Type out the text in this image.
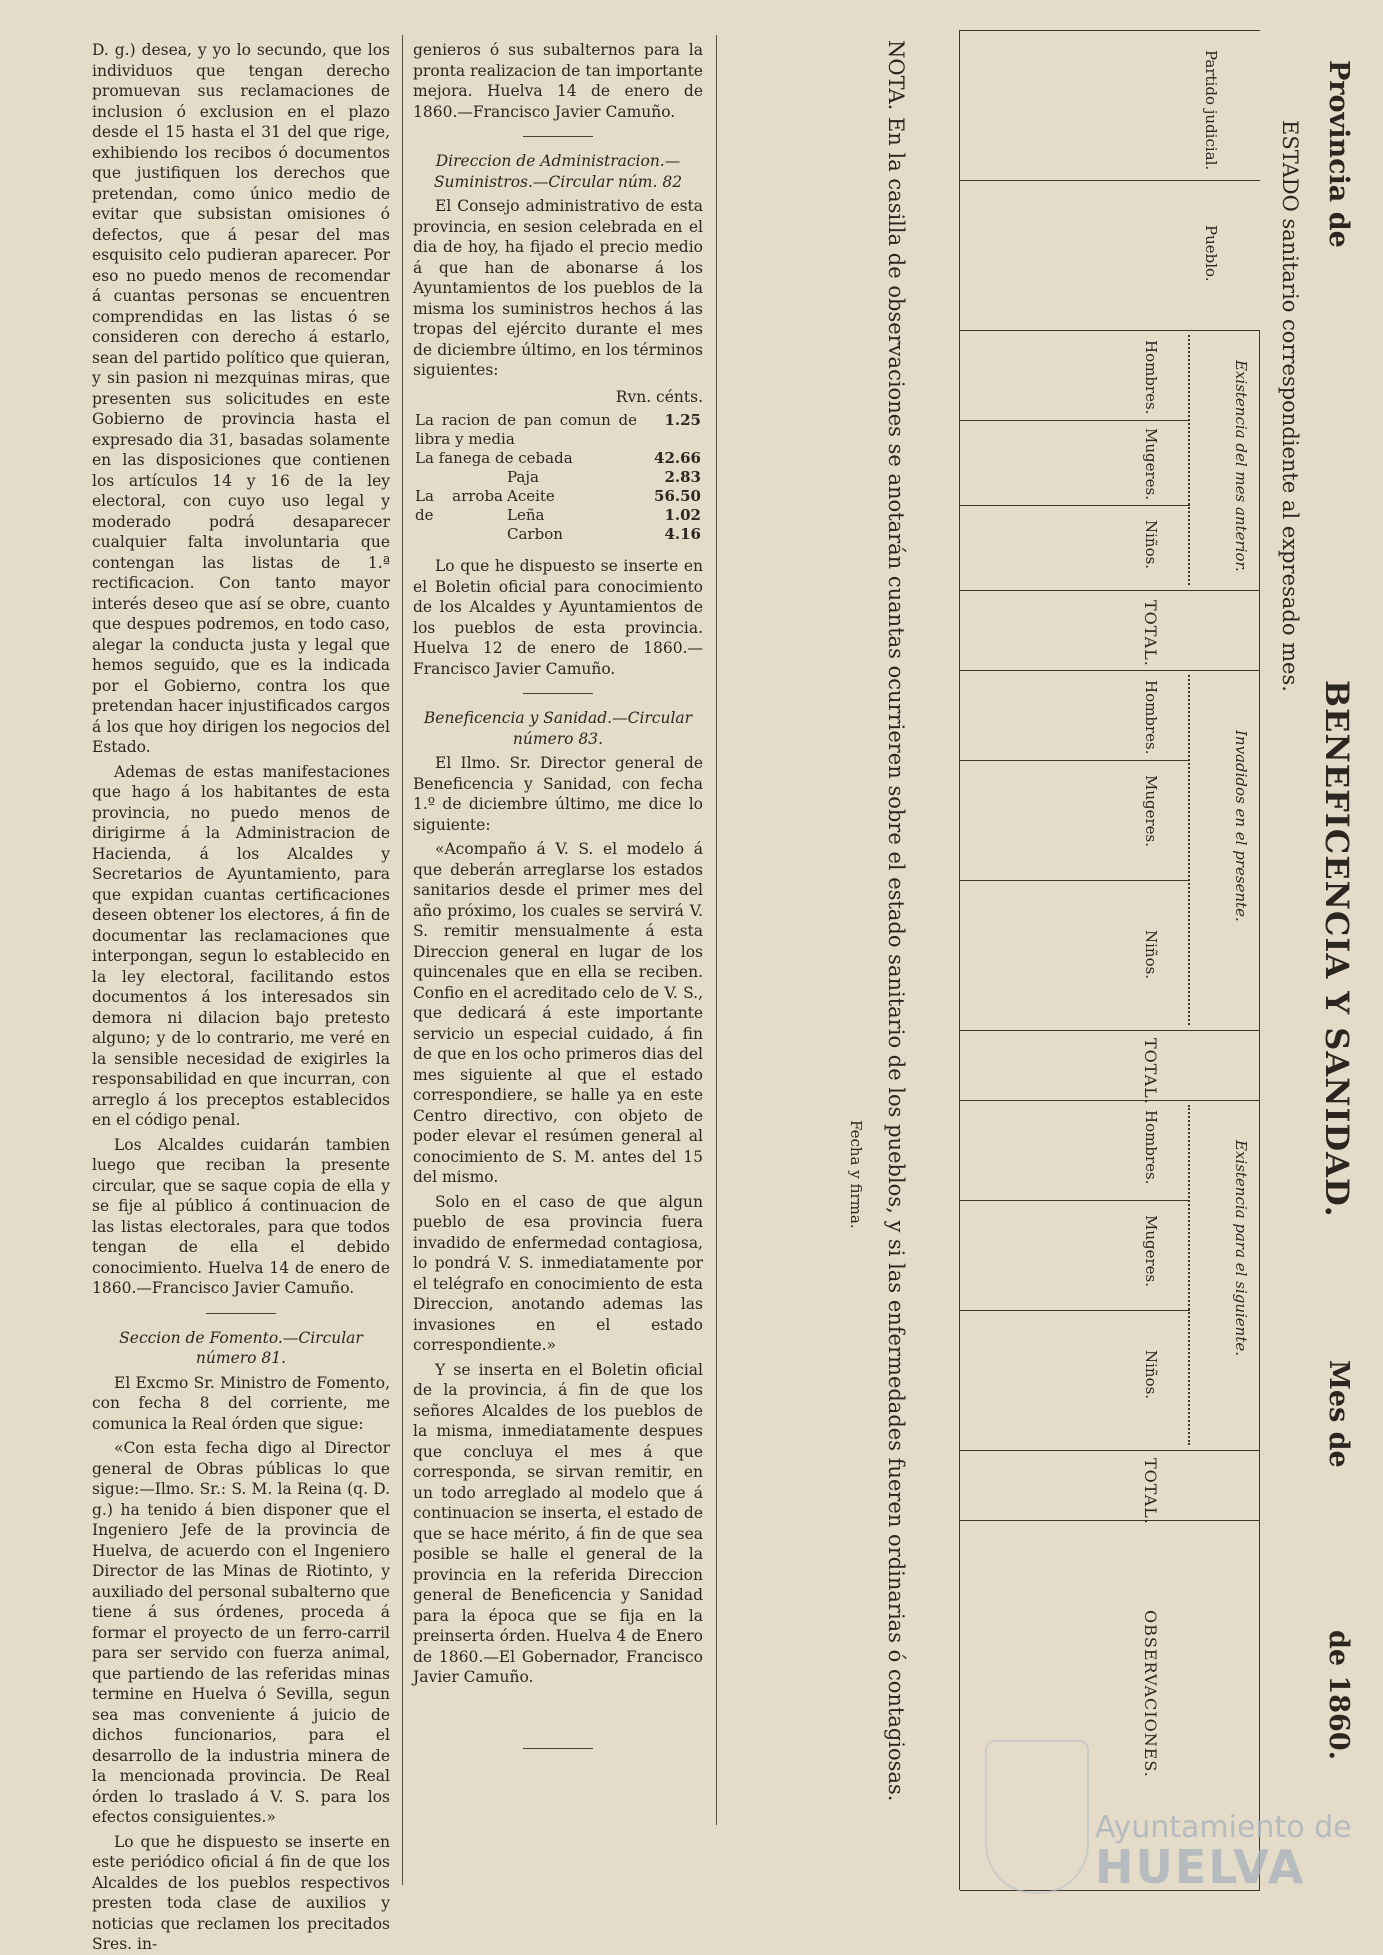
D. g.) desea, y yo lo secundo, que los individuos que tengan derecho promuevan sus reclamaciones de inclusion ó exclusion en el plazo desde el 15 hasta el 31 del que rige, exhibiendo los recibos ó documentos que justifiquen los derechos que pretendan, como único medio de evitar que subsistan omisiones ó defectos, que á pesar del mas esquisito celo pudieran aparecer. Por eso no puedo menos de recomendar á cuantas personas se encuentren comprendidas en las listas ó se consideren con derecho á estarlo, sean del partido político que quieran, y sin pasion ni mezquinas miras, que presenten sus solicitudes en este Gobierno de provincia hasta el expresado dia 31, basadas solamente en las disposiciones que contienen los artículos 14 y 16 de la ley electoral, con cuyo uso legal y moderado podrá desaparecer cualquier falta involuntaria que contengan las listas de 1.ª rectificacion. Con tanto mayor interés deseo que así se obre, cuanto que despues podremos, en todo caso, alegar la conducta justa y legal que hemos seguido, que es la indicada por el Gobierno, contra los que pretendan hacer injustificados cargos á los que hoy dirigen los negocios del Estado.

Ademas de estas manifestaciones que hago á los habitantes de esta provincia, no puedo menos de dirigirme á la Administracion de Hacienda, á los Alcaldes y Secretarios de Ayuntamiento, para que expidan cuantas certificaciones deseen obtener los electores, á fin de documentar las reclamaciones que interpongan, segun lo establecido en la ley electoral, facilitando estos documentos á los interesados sin demora ni dilacion bajo pretesto alguno; y de lo contrario, me veré en la sensible necesidad de exigirles la responsabilidad en que incurran, con arreglo á los preceptos establecidos en el código penal.

Los Alcaldes cuidarán tambien luego que reciban la presente circular, que se saque copia de ella y se fije al público á continuacion de las listas electorales, para que todos tengan de ella el debido conocimiento. Huelva 14 de enero de 1860.—Francisco Javier Camuño.

Seccion de Fomento.—Circular número 81.

El Excmo Sr. Ministro de Fomento, con fecha 8 del corriente, me comunica la Real órden que sigue:

«Con esta fecha digo al Director general de Obras públicas lo que sigue:—Ilmo. Sr.: S. M. la Reina (q. D. g.) ha tenido á bien disponer que el Ingeniero Jefe de la provincia de Huelva, de acuerdo con el Ingeniero Director de las Minas de Riotinto, y auxiliado del personal subalterno que tiene á sus órdenes, proceda á formar el proyecto de un ferro-carril para ser servido con fuerza animal, que partiendo de las referidas minas termine en Huelva ó Sevilla, segun sea mas conveniente á juicio de dichos funcionarios, para el desarrollo de la industria minera de la mencionada provincia. De Real órden lo traslado á V. S. para los efectos consiguientes.»

Lo que he dispuesto se inserte en este periódico oficial á fin de que los Alcaldes de los pueblos respectivos presten toda clase de auxilios y noticias que reclamen los precitados Sres. in-

genieros ó sus subalternos para la pronta realizacion de tan importante mejora. Huelva 14 de enero de 1860.—Francisco Javier Camuño.

Direccion de Administracion.—Suministros.—Circular núm. 82

El Consejo administrativo de esta provincia, en sesion celebrada en el dia de hoy, ha fijado el precio medio á que han de abonarse á los Ayuntamientos de los pueblos de la misma los suministros hechos á las tropas del ejército durante el mes de diciembre último, en los términos siguientes:

Rvn. cénts.
La racion de pan comun de libra y media		1.25
La fanega de cebada		42.66
La arroba de	Paja	2.83
	Aceite	56.50
	Leña	1.02
	Carbon	4.16

Lo que he dispuesto se inserte en el Boletin oficial para conocimiento de los Alcaldes y Ayuntamientos de los pueblos de esta provincia. Huelva 12 de enero de 1860.—Francisco Javier Camuño.

Beneficencia y Sanidad.—Circular número 83.

El Ilmo. Sr. Director general de Beneficencia y Sanidad, con fecha 1.º de diciembre último, me dice lo siguiente:

«Acompaño á V. S. el modelo á que deberán arreglarse los estados sanitarios desde el primer mes del año próximo, los cuales se servirá V. S. remitir mensualmente á esta Direccion general en lugar de los quincenales que en ella se reciben. Confio en el acreditado celo de V. S., que dedicará á este importante servicio un especial cuidado, á fin de que en los ocho primeros dias del mes siguiente al que el estado correspondiere, se halle ya en este Centro directivo, con objeto de poder elevar el resúmen general al conocimiento de S. M. antes del 15 del mismo.

Solo en el caso de que algun pueblo de esa provincia fuera invadido de enfermedad contagiosa, lo pondrá V. S. inmediatamente por el telégrafo en conocimiento de esta Direccion, anotando ademas las invasiones en el estado correspondiente.»

Y se inserta en el Boletin oficial de la provincia, á fin de que los señores Alcaldes de los pueblos de la misma, inmediatamente despues que concluya el mes á que corresponda, se sirvan remitir, en un todo arreglado al modelo que á continuacion se inserta, el estado de que se hace mérito, á fin de que sea posible se halle el general de la provincia en la referida Direccion general de Beneficencia y Sanidad para la época que se fija en la preinserta órden. Huelva 4 de Enero de 1860.—El Gobernador, Francisco Javier Camuño.

Provincia de
BENEFICENCIA Y SANIDAD.
Mes de
de 1860.
ESTADO sanitario correspondiente al expresado mes.
Partido judicial.
Pueblo.
Existencia del mes anterior.
Hombres.
Mugeres.
Niños.
TOTAL.
Invadidos en el presente.
Hombres.
Mugeres.
Niños.
TOTAL.
Existencia para el siguiente.
Hombres.
Mugeres.
Niños.
TOTAL.
OBSERVACIONES.
NOTA. En la casilla de observaciones se anotarán cuantas ocurrieren sobre el estado sanitario de los pueblos, y si las enfermedades fueren ordinarias ó contagiosas.
Fecha y firma.
Ayuntamiento de
HUELVA
